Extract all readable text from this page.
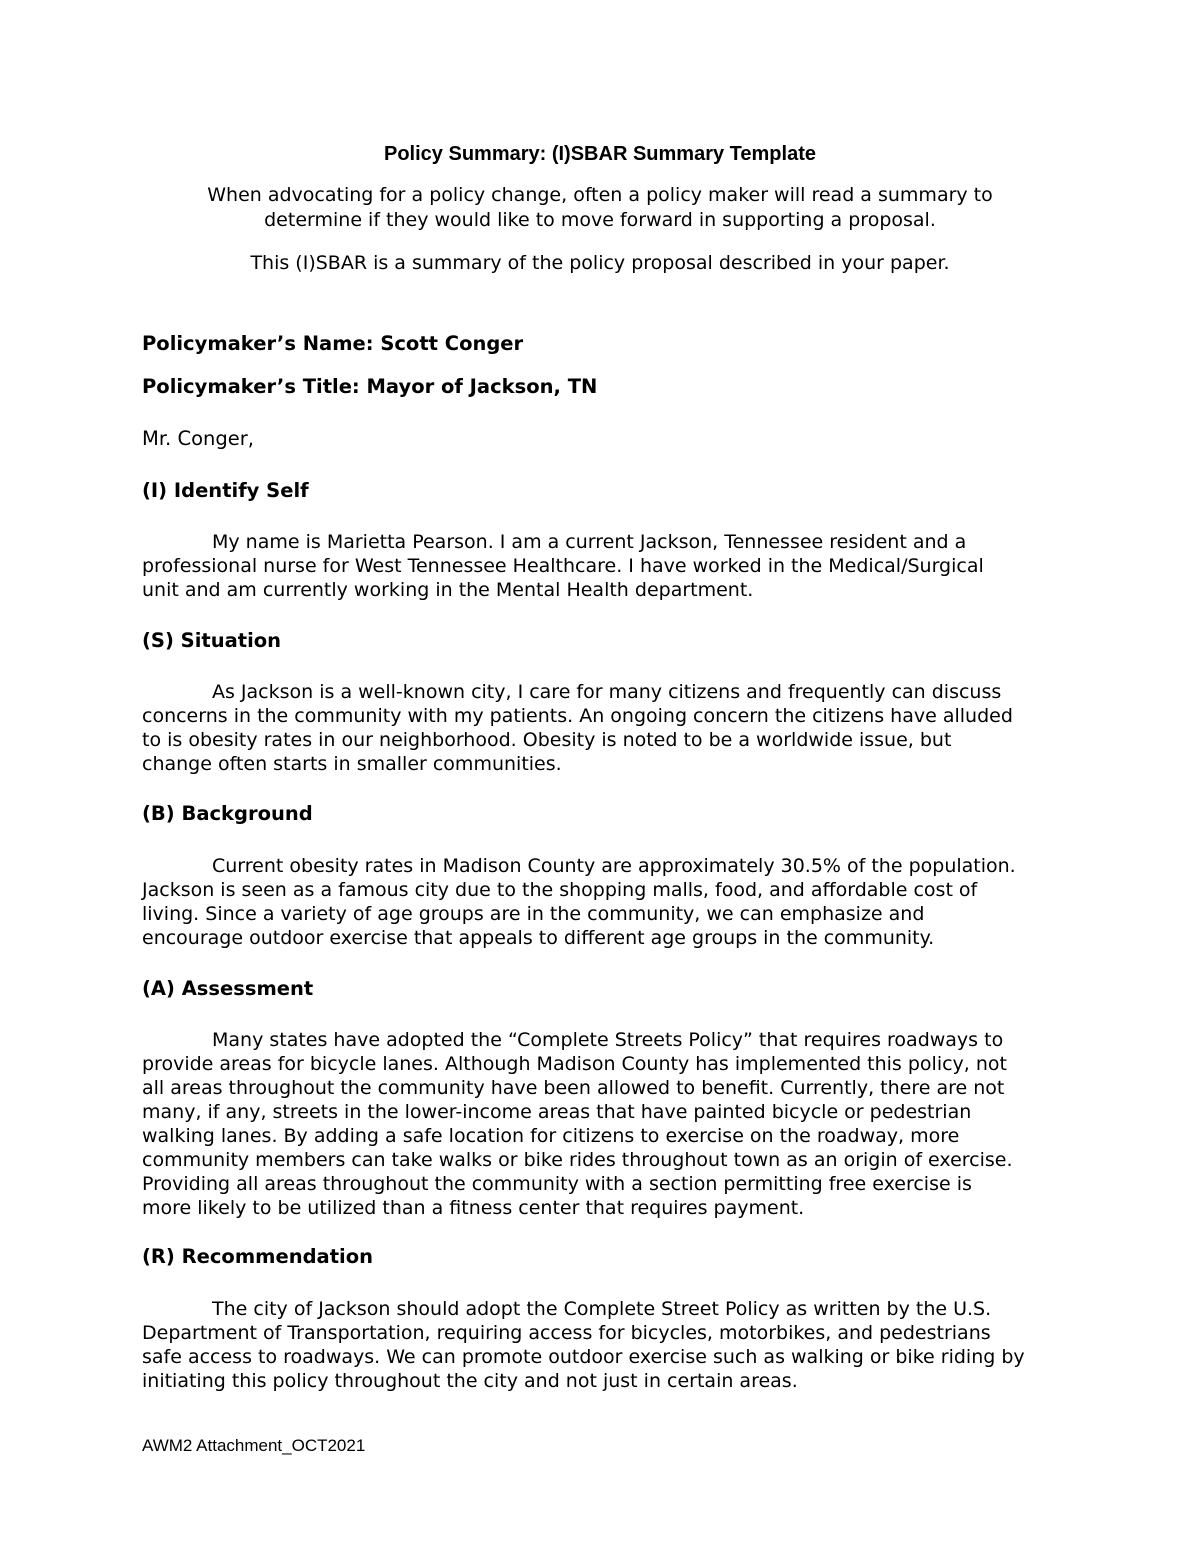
Policy Summary: (I)SBAR Summary Template
When advocating for a policy change, often a policy maker will read a summary to
determine if they would like to move forward in supporting a proposal.
This (I)SBAR is a summary of the policy proposal described in your paper.
Policymaker’s Name: Scott Conger
Policymaker’s Title: Mayor of Jackson, TN
Mr. Conger,
(I) Identify Self
My name is Marietta Pearson. I am a current Jackson, Tennessee resident and a
professional nurse for West Tennessee Healthcare. I have worked in the Medical/Surgical
unit and am currently working in the Mental Health department.
(S) Situation
As Jackson is a well-known city, I care for many citizens and frequently can discuss
concerns in the community with my patients. An ongoing concern the citizens have alluded
to is obesity rates in our neighborhood. Obesity is noted to be a worldwide issue, but
change often starts in smaller communities.
(B) Background
Current obesity rates in Madison County are approximately 30.5% of the population.
Jackson is seen as a famous city due to the shopping malls, food, and affordable cost of
living. Since a variety of age groups are in the community, we can emphasize and
encourage outdoor exercise that appeals to different age groups in the community.
(A) Assessment
Many states have adopted the “Complete Streets Policy” that requires roadways to
provide areas for bicycle lanes. Although Madison County has implemented this policy, not
all areas throughout the community have been allowed to benefit. Currently, there are not
many, if any, streets in the lower-income areas that have painted bicycle or pedestrian
walking lanes. By adding a safe location for citizens to exercise on the roadway, more
community members can take walks or bike rides throughout town as an origin of exercise.
Providing all areas throughout the community with a section permitting free exercise is
more likely to be utilized than a fitness center that requires payment.
(R) Recommendation
The city of Jackson should adopt the Complete Street Policy as written by the U.S.
Department of Transportation, requiring access for bicycles, motorbikes, and pedestrians
safe access to roadways. We can promote outdoor exercise such as walking or bike riding by
initiating this policy throughout the city and not just in certain areas.
AWM2 Attachment_OCT2021
